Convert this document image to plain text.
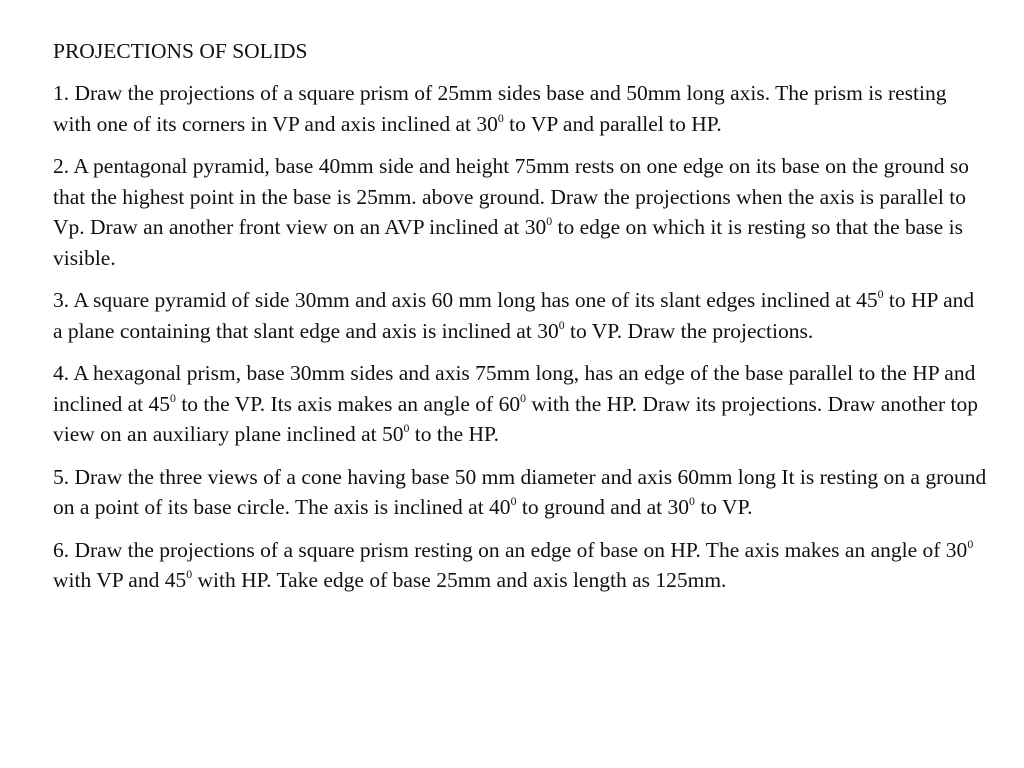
PROJECTIONS OF SOLIDS

1. Draw the projections of a square prism of 25mm sides base and 50mm long axis. The prism is resting with one of its corners in VP and axis inclined at $30^0$ to VP and parallel to HP.

2. A pentagonal pyramid, base 40mm side and height 75mm rests on one edge on its base on the ground so that the highest point in the base is 25mm. above ground. Draw the projections when the axis is parallel to Vp. Draw an another front view on an AVP inclined at $30^0$ to edge on which it is resting so that the base is visible.

3. A square pyramid of side 30mm and axis 60 mm long has one of its slant edges inclined at $45^0$ to HP and a plane containing that slant edge and axis is inclined at $30^0$ to VP. Draw the projections.

4. A hexagonal prism, base 30mm sides and axis 75mm long, has an edge of the base parallel to the HP and inclined at $45^0$ to the VP. Its axis makes an angle of $60^0$ with the HP. Draw its projections. Draw another top view on an auxiliary plane inclined at $50^0$ to the HP.

5. Draw the three views of a cone having base 50 mm diameter and axis 60mm long It is resting on a ground on a point of its base circle. The axis is inclined at $40^0$ to ground and at $30^0$ to VP.

6. Draw the projections of a square prism resting on an edge of base on HP. The axis makes an angle of $30^0$ with VP and $45^0$ with HP. Take edge of base 25mm and axis length as 125mm.
